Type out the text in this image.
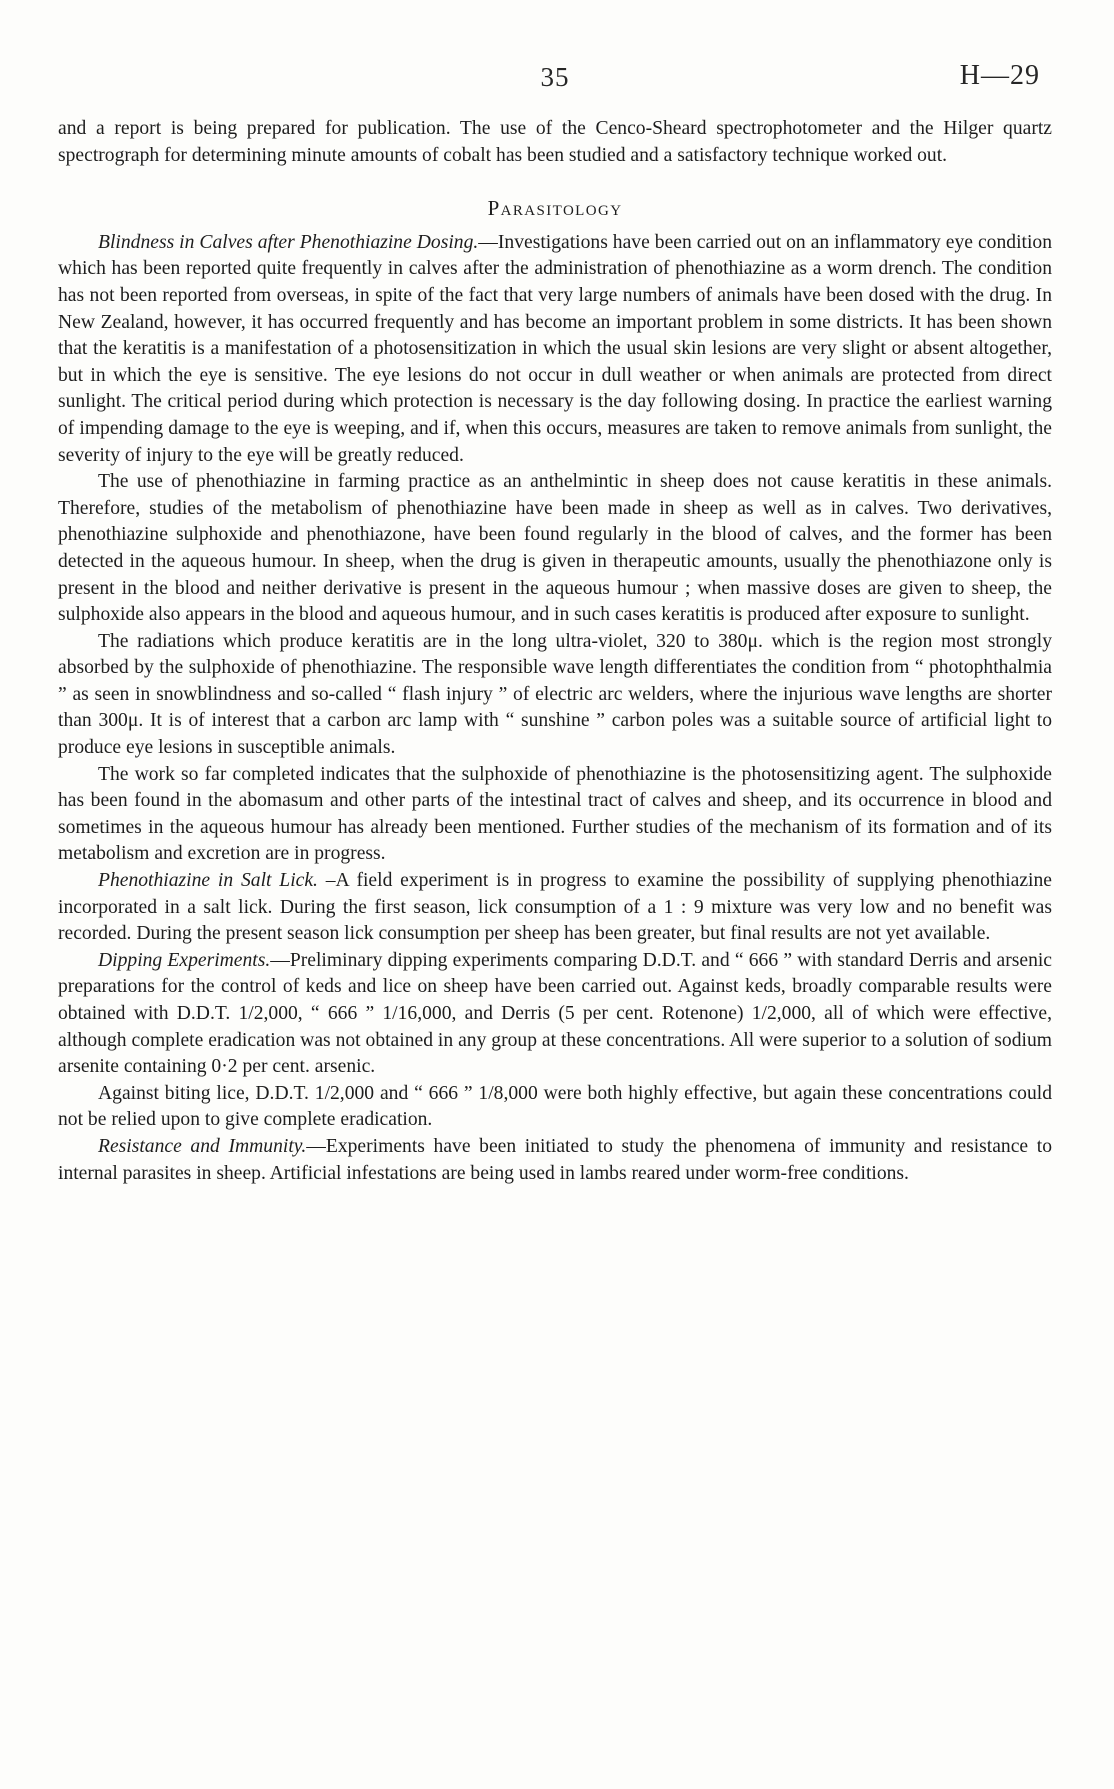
35	H—29

and a report is being prepared for publication. The use of the Cenco-Sheard spectrophotometer and the Hilger quartz spectrograph for determining minute amounts of cobalt has been studied and a satisfactory technique worked out.

Parasitology

Blindness in Calves after Phenothiazine Dosing.—Investigations have been carried out on an inflammatory eye condition which has been reported quite frequently in calves after the administration of phenothiazine as a worm drench. The condition has not been reported from overseas, in spite of the fact that very large numbers of animals have been dosed with the drug. In New Zealand, however, it has occurred frequently and has become an important problem in some districts. It has been shown that the keratitis is a manifestation of a photosensitization in which the usual skin lesions are very slight or absent altogether, but in which the eye is sensitive. The eye lesions do not occur in dull weather or when animals are protected from direct sunlight. The critical period during which protection is necessary is the day following dosing. In practice the earliest warning of impending damage to the eye is weeping, and if, when this occurs, measures are taken to remove animals from sunlight, the severity of injury to the eye will be greatly reduced.

The use of phenothiazine in farming practice as an anthelmintic in sheep does not cause keratitis in these animals. Therefore, studies of the metabolism of phenothiazine have been made in sheep as well as in calves. Two derivatives, phenothiazine sulphoxide and phenothiazone, have been found regularly in the blood of calves, and the former has been detected in the aqueous humour. In sheep, when the drug is given in therapeutic amounts, usually the phenothiazone only is present in the blood and neither derivative is present in the aqueous humour ; when massive doses are given to sheep, the sulphoxide also appears in the blood and aqueous humour, and in such cases keratitis is produced after exposure to sunlight.

The radiations which produce keratitis are in the long ultra-violet, 320 to 380μ. which is the region most strongly absorbed by the sulphoxide of phenothiazine. The responsible wave length differentiates the condition from “ photophthalmia ” as seen in snowblindness and so-called “ flash injury ” of electric arc welders, where the injurious wave lengths are shorter than 300μ. It is of interest that a carbon arc lamp with “ sunshine ” carbon poles was a suitable source of artificial light to produce eye lesions in susceptible animals.

The work so far completed indicates that the sulphoxide of phenothiazine is the photosensitizing agent. The sulphoxide has been found in the abomasum and other parts of the intestinal tract of calves and sheep, and its occurrence in blood and sometimes in the aqueous humour has already been mentioned. Further studies of the mechanism of its formation and of its metabolism and excretion are in progress.

Phenothiazine in Salt Lick. –A field experiment is in progress to examine the possibility of supplying phenothiazine incorporated in a salt lick. During the first season, lick consumption of a 1 : 9 mixture was very low and no benefit was recorded. During the present season lick consumption per sheep has been greater, but final results are not yet available.

Dipping Experiments.—Preliminary dipping experiments comparing D.D.T. and “ 666 ” with standard Derris and arsenic preparations for the control of keds and lice on sheep have been carried out. Against keds, broadly comparable results were obtained with D.D.T. 1/2,000, “ 666 ” 1/16,000, and Derris (5 per cent. Rotenone) 1/2,000, all of which were effective, although complete eradication was not obtained in any group at these concentrations. All were superior to a solution of sodium arsenite containing 0·2 per cent. arsenic.

Against biting lice, D.D.T. 1/2,000 and “ 666 ” 1/8,000 were both highly effective, but again these concentrations could not be relied upon to give complete eradication.

Resistance and Immunity.—Experiments have been initiated to study the phenomena of immunity and resistance to internal parasites in sheep. Artificial infestations are being used in lambs reared under worm-free conditions.
